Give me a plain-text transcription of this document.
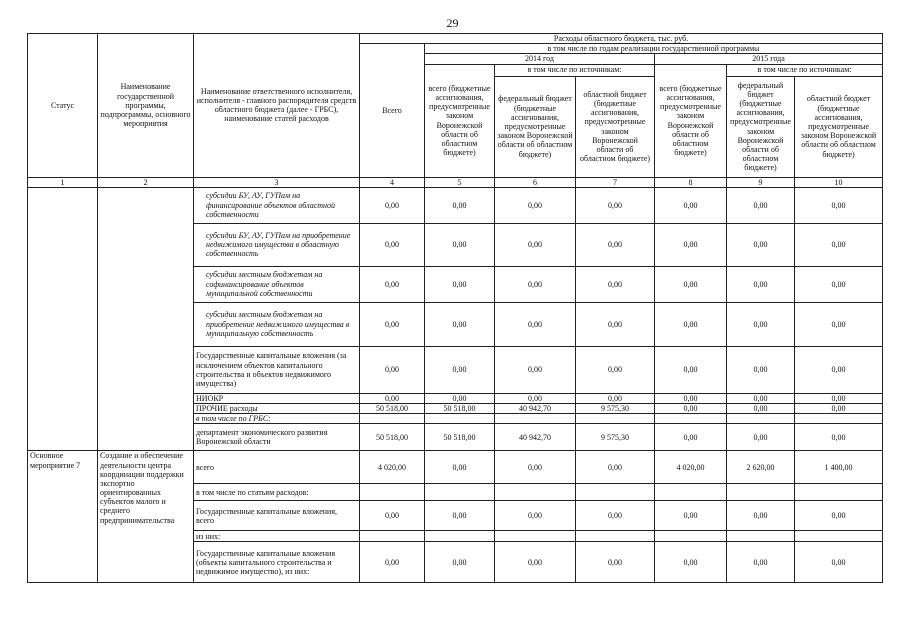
29
Статус	Наименование государственной программы, подпрограммы, основного мероприятия	Наименование ответственного исполнителя, исполнителя - главного распорядителя средств областного бюджета (далее - ГРБС), наименование статей расходов	Расходы областного бюджета, тыс. руб.						
			Всего	в том числе по годам реализации государственной программы					
				2014 год			2015 года		
				всего (бюджетные ассигнования, предусмотренные законом Воронежской области об областном бюджете)	в том числе по источникам:		всего (бюджетные ассигнования, предусмотренные законом Воронежской области об областном бюджете)	в том числе по источникам:	
					федеральный бюджет (бюджетные ассигнования, предусмотренные законом Воронежской области об областном бюджете)	областной бюджет (бюджетные ассигнования, предусмотренные законом Воронежской области об областном бюджете)		федеральный бюджет (бюджетные ассигнования, предусмотренные законом Воронежской области об областном бюджете)	областной бюджет (бюджетные ассигнования, предусмотренные законом Воронежской области об областном бюджете)
1	2	3	4	5	6	7	8	9	10
		субсидии БУ, АУ, ГУПам на финансирование объектов областной собственности	0,00	0,00	0,00	0,00	0,00	0,00	0,00
		субсидии БУ, АУ, ГУПам на приобретение недвижимого имущества в областную собственность	0,00	0,00	0,00	0,00	0,00	0,00	0,00
		субсидии местным бюджетам на софинансирование объектов муниципальной собственности	0,00	0,00	0,00	0,00	0,00	0,00	0,00
		субсидии местным бюджетам на приобретение недвижимого имущества в муниципальную собственность	0,00	0,00	0,00	0,00	0,00	0,00	0,00
		Государственные капитальные вложения (за исключением объектов капитального строительства и объектов недвижимого имущества)	0,00	0,00	0,00	0,00	0,00	0,00	0,00
		НИОКР	0,00	0,00	0,00	0,00	0,00	0,00	0,00
		ПРОЧИЕ расходы	50 518,00	50 518,00	40 942,70	9 575,30	0,00	0,00	0,00
		в том числе по ГРБС:							
		департамент экономического развития Воронежской области	50 518,00	50 518,00	40 942,70	9 575,30	0,00	0,00	0,00
Основное мероприятие 7	Создание и обеспечение деятельности центра координации поддержки экспортно ориентированных субъектов малого и среднего предпринимательства	всего	4 020,00	0,00	0,00	0,00	4 020,00	2 620,00	1 400,00
		в том числе по статьям расходов:							
		Государственные капитальные вложения, всего	0,00	0,00	0,00	0,00	0,00	0,00	0,00
		из них:							
		Государственные капитальные вложения (объекты капитального строительства и недвижимое имущество), из них:	0,00	0,00	0,00	0,00	0,00	0,00	0,00
